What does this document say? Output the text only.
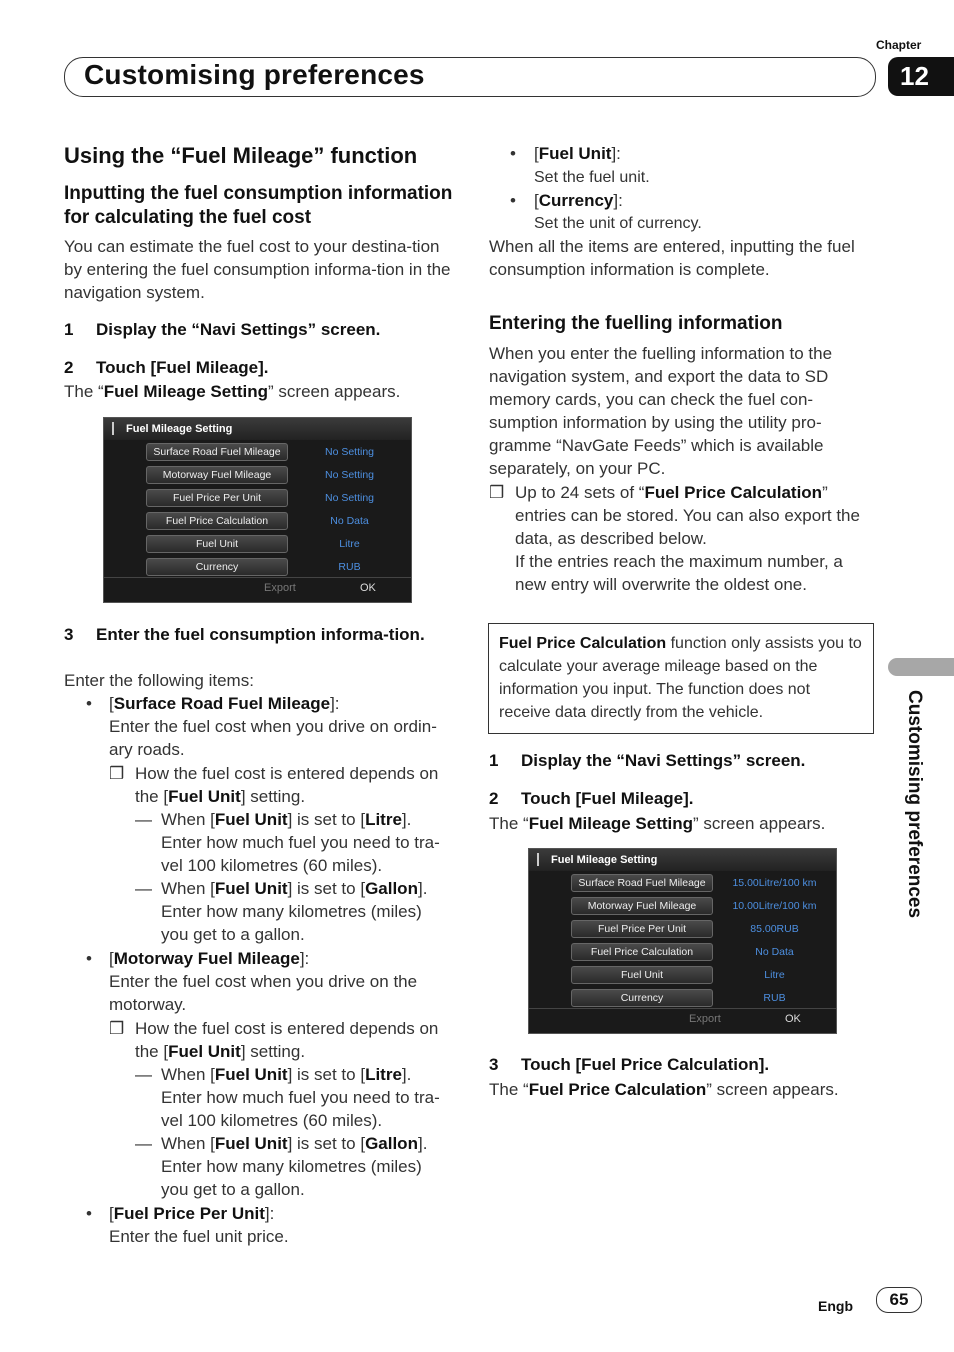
Chapter
12
Customising preferences
Customising preferences
Using the “Fuel Mileage” function
Inputting the fuel consumption information for calculating the fuel cost
You can estimate the fuel cost to your destina-tion by entering the fuel consumption informa-tion in the navigation system.
1 Display the “Navi Settings” screen.
2 Touch [Fuel Mileage].
The “Fuel Mileage Setting” screen appears.
Fuel Mileage Setting
Surface Road Fuel Mileage	No Setting
Motorway Fuel Mileage	No Setting
Fuel Price Per Unit	No Setting
Fuel Price Calculation	No Data
Fuel Unit	Litre
Currency	RUB
Export	OK
3 Enter the fuel consumption informa-tion.
Enter the following items:
• [Surface Road Fuel Mileage]:
Enter the fuel cost when you drive on ordin-ary roads.
❒ How the fuel cost is entered depends on the [Fuel Unit] setting.
— When [Fuel Unit] is set to [Litre].
Enter how much fuel you need to tra-vel 100 kilometres (60 miles).
— When [Fuel Unit] is set to [Gallon].
Enter how many kilometres (miles) you get to a gallon.
• [Motorway Fuel Mileage]:
Enter the fuel cost when you drive on the motorway.
❒ How the fuel cost is entered depends on the [Fuel Unit] setting.
— When [Fuel Unit] is set to [Litre].
Enter how much fuel you need to tra-vel 100 kilometres (60 miles).
— When [Fuel Unit] is set to [Gallon].
Enter how many kilometres (miles) you get to a gallon.
• [Fuel Price Per Unit]:
Enter the fuel unit price.
• [Fuel Unit]:
Set the fuel unit.
• [Currency]:
Set the unit of currency.
When all the items are entered, inputting the fuel consumption information is complete.
Entering the fuelling information
When you enter the fuelling information to the navigation system, and export the data to SD memory cards, you can check the fuel con-sumption information by using the utility pro-gramme “NavGate Feeds” which is available separately, on your PC.
❒ Up to 24 sets of “Fuel Price Calculation” entries can be stored. You can also export the data, as described below.
If the entries reach the maximum number, a new entry will overwrite the oldest one.
Fuel Price Calculation function only assists you to calculate your average mileage based on the information you input. The function does not receive data directly from the vehicle.
1 Display the “Navi Settings” screen.
2 Touch [Fuel Mileage].
The “Fuel Mileage Setting” screen appears.
Fuel Mileage Setting
Surface Road Fuel Mileage	15.00Litre/100 km
Motorway Fuel Mileage	10.00Litre/100 km
Fuel Price Per Unit	85.00RUB
Fuel Price Calculation	No Data
Fuel Unit	Litre
Currency	RUB
Export	OK
3 Touch [Fuel Price Calculation].
The “Fuel Price Calculation” screen appears.
Engb	65
